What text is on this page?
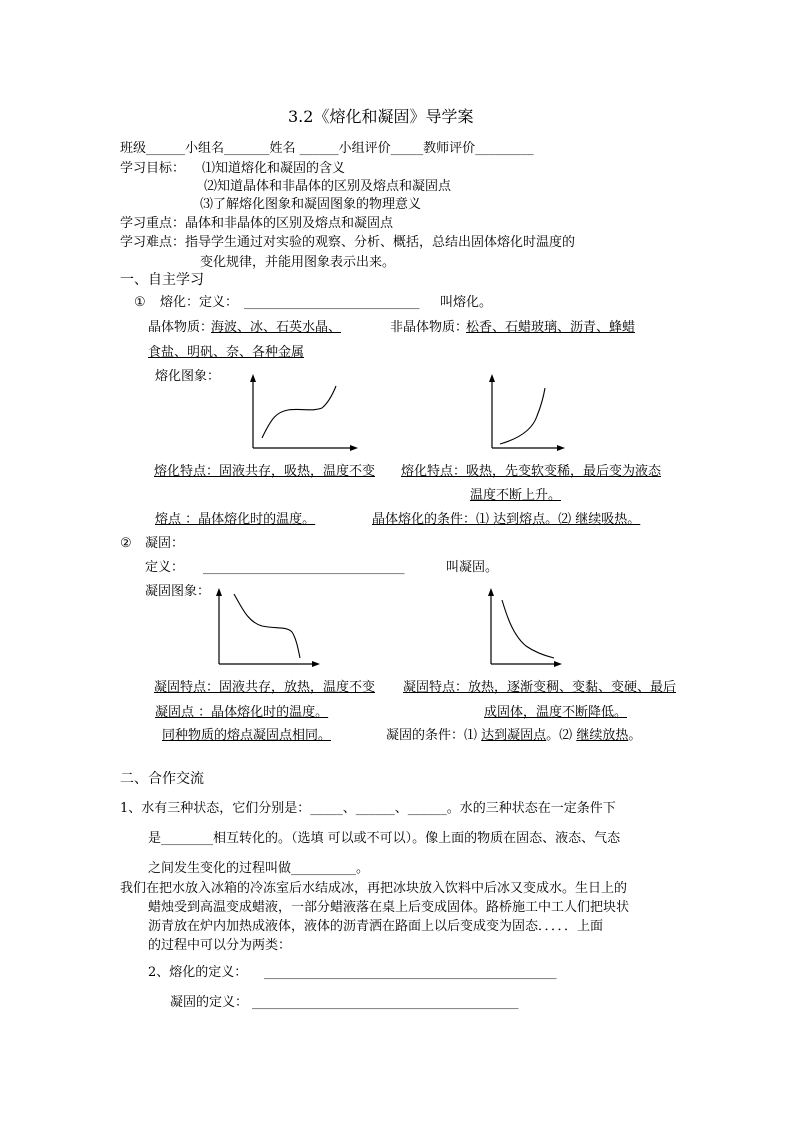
3.2《熔化和凝固》导学案
班级______小组名_______姓名 ______小组评价_____教师评价_________
学习目标： ⑴知道熔化和凝固的含义
⑵知道晶体和非晶体的区别及熔点和凝固点
⑶了解熔化图象和凝固图象的物理意义
学习重点：晶体和非晶体的区别及熔点和凝固点
学习难点：指导学生通过对实验的观察、分析、概括，总结出固体熔化时温度的
变化规律，并能用图象表示出来。
一、自主学习
① 熔化：定义： ___________________________ 叫熔化。
晶体物质：
海波、冰、石英水晶、	非晶体物质：
松香、石蜡玻璃、沥青、蜂蜡
食盐、明矾、奈、各种金属
熔化图象：
熔化特点：固液共存，吸热，温度不变 熔化特点：吸热，先变软变稀，最后变为液态
温度不断上升。
熔点 ：晶体熔化时的温度。	晶体熔化的条件：⑴ 达到熔点。⑵ 继续吸热。
② 凝固：
定义： _______________________________	叫凝固。
凝固图象：
凝固特点：固液共存，放热，温度不变 凝固特点：放热，逐渐变稠、变黏、变硬、最后
凝固点 ：晶体熔化时的温度。	成固体，温度不断降低。
同种物质的熔点凝固点相同。	凝固的条件：⑴ 达到凝固点。⑵ 继续放热。
二、合作交流
1、水有三种状态，它们分别是：_____、______、______。水的三种状态在一定条件下
是________相互转化的。（选填 可以或不可以）。像上面的物质在固态、液态、气态
之间发生变化的过程叫做__________。
我们在把水放入冰箱的冷冻室后水结成冰，再把冰块放入饮料中后冰又变成水。生日上的
蜡烛受到高温变成蜡液，一部分蜡液落在桌上后变成固体。路桥施工中工人们把块状
沥青放在炉内加热成液体，液体的沥青洒在路面上以后变成变为固态．．．．．上面
的过程中可以分为两类：
2、熔化的定义： _____________________________________________
凝固的定义： _________________________________________
